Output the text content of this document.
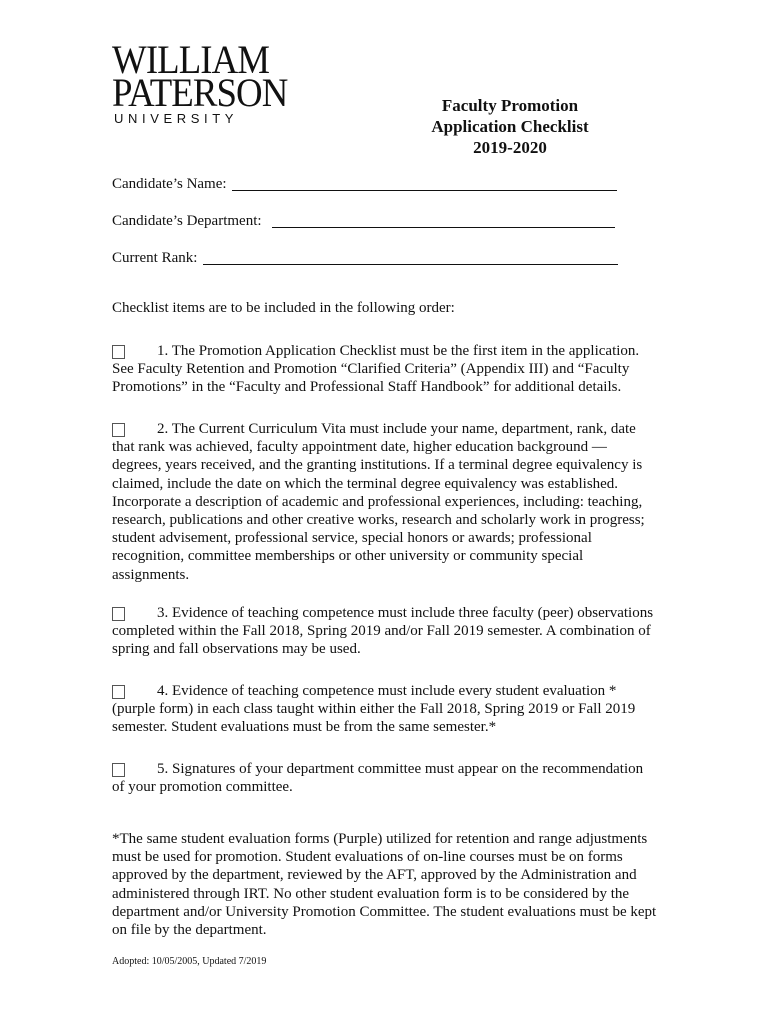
WILLIAM
PATERSON
UNIVERSITY
Faculty Promotion
Application Checklist
2019-2020
Candidate’s Name:
Candidate’s Department:
Current Rank:
Checklist items are to be included in the following order:

1. The Promotion Application Checklist must be the first item in the application. See Faculty Retention and Promotion “Clarified Criteria” (Appendix III) and “Faculty Promotions” in the “Faculty and Professional Staff Handbook” for additional details.

2. The Current Curriculum Vita must include your name, department, rank, date that rank was achieved, faculty appointment date, higher education background — degrees, years received, and the granting institutions. If a terminal degree equivalency is claimed, include the date on which the terminal degree equivalency was established. Incorporate a description of academic and professional experiences, including: teaching, research, publications and other creative works, research and scholarly work in progress; student advisement, professional service, special honors or awards; professional recognition, committee memberships or other university or community special assignments.

3. Evidence of teaching competence must include three faculty (peer) observations completed within the Fall 2018, Spring 2019 and/or Fall 2019 semester. A combination of spring and fall observations may be used.

4. Evidence of teaching competence must include every student evaluation *(purple form) in each class taught within either the Fall 2018, Spring 2019 or Fall 2019 semester. Student evaluations must be from the same semester.*

5. Signatures of your department committee must appear on the recommendation of your promotion committee.

*The same student evaluation forms (Purple) utilized for retention and range adjustments must be used for promotion. Student evaluations of on-line courses must be on forms approved by the department, reviewed by the AFT, approved by the Administration and administered through IRT. No other student evaluation form is to be considered by the department and/or University Promotion Committee. The student evaluations must be kept on file by the department.

Adopted: 10/05/2005, Updated 7/2019
